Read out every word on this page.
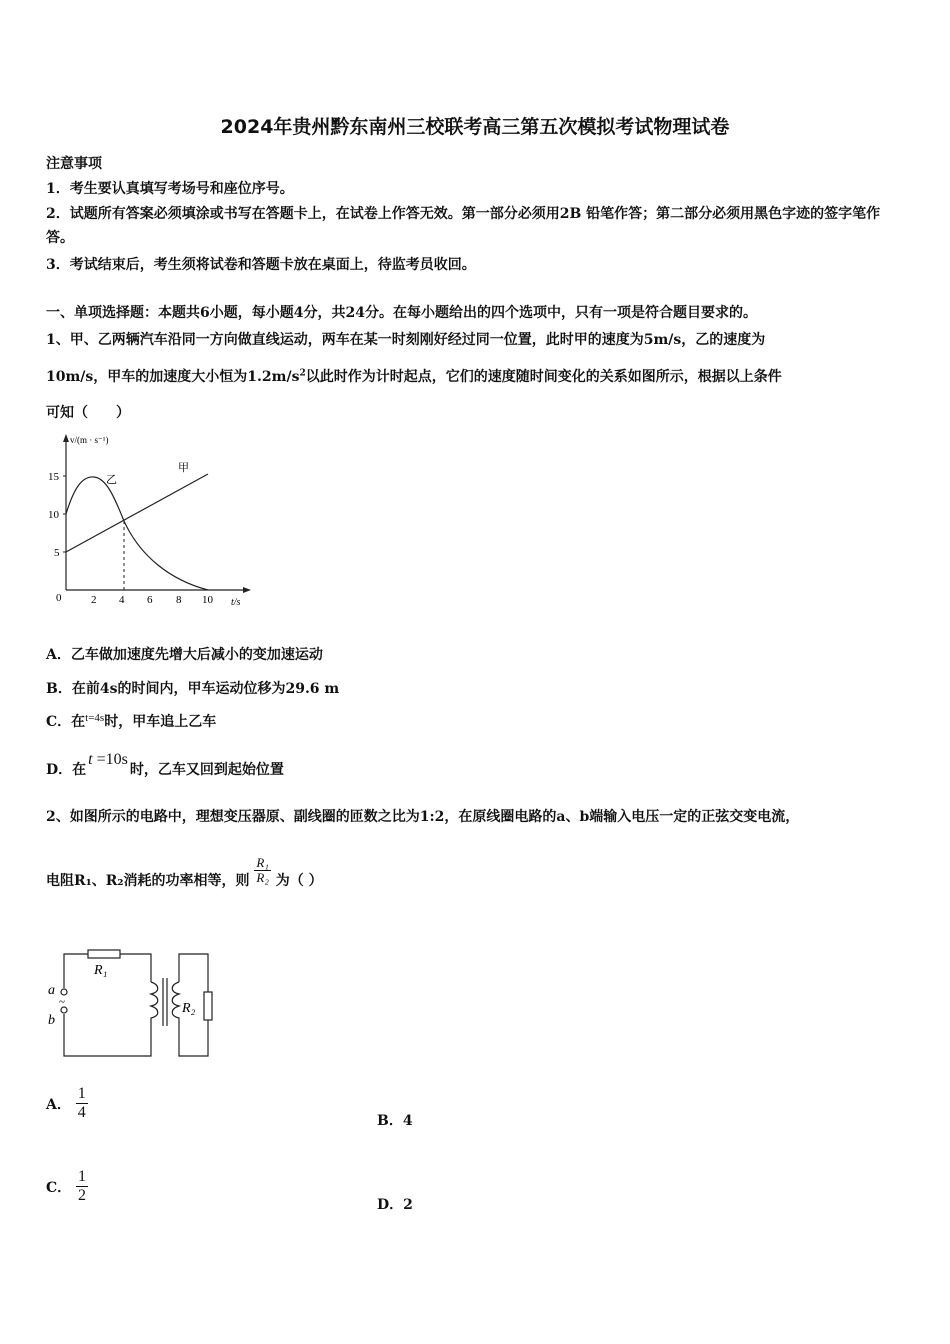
2024年贵州黔东南州三校联考高三第五次模拟考试物理试卷
注意事项
1．考生要认真填写考场号和座位序号。
2．试题所有答案必须填涂或书写在答题卡上，在试卷上作答无效。第一部分必须用2B 铅笔作答；第二部分必须用黑色字迹的签字笔作答。
3．考试结束后，考生须将试卷和答题卡放在桌面上，待监考员收回。
一、单项选择题：本题共6小题，每小题4分，共24分。在每小题给出的四个选项中，只有一项是符合题目要求的。
1、甲、乙两辆汽车沿同一方向做直线运动，两车在某一时刻刚好经过同一位置，此时甲的速度为5m/s，乙的速度为
10m/s，甲车的加速度大小恒为$1.2m/s^2$以此时作为计时起点，它们的速度随时间变化的关系如图所示，根据以上条件
可知（　　）
v/(m · s⁻¹)
t/s
0
5
10
15
2 4 6 8 10
甲
乙
A．乙车做加速度先增大后减小的变加速运动
B．在前4s的时间内，甲车运动位移为29.6 m
C．在$^{t=4s}$时，甲车追上乙车
D．在t =10s时，乙车又回到起始位置
2、如图所示的电路中，理想变压器原、副线圈的匝数之比为1:2，在原线圈电路的a、b端输入电压一定的正弦交变电流，
电阻R₁、R₂消耗的功率相等，则 $\frac{\text{R₁}}{\text{R₂}}$ 为（ ）
R₁
R₂
~
a
b
A． $\frac{1}{4}$	B．4
C． $\frac{1}{2}$
D．2
